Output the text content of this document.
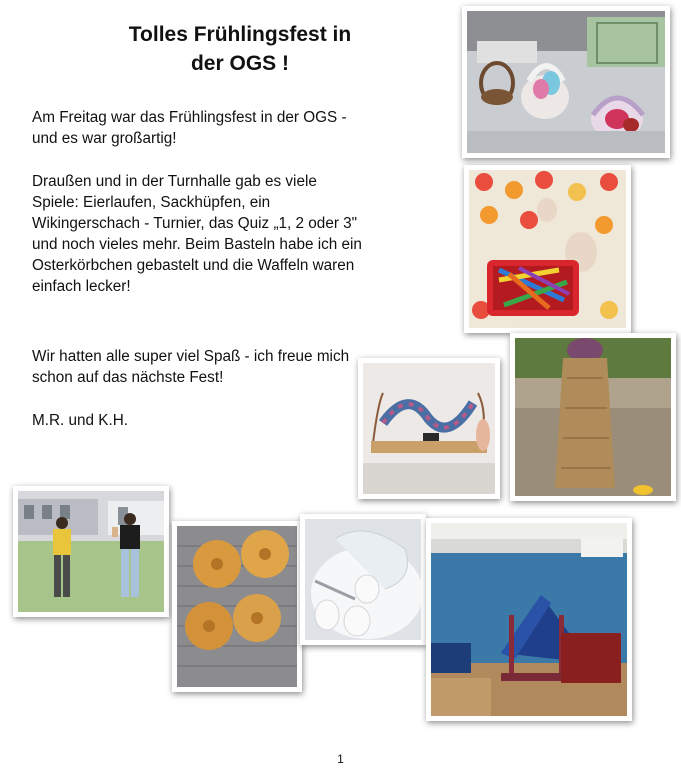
Tolles Frühlingsfest in
der OGS !

Am Freitag war das Frühlingsfest in der OGS - und es war großartig!

Draußen und in der Turnhalle gab es viele Spiele: Eierlaufen, Sackhüpfen, ein Wikingerschach - Turnier, das Quiz „1, 2 oder 3" und noch vieles mehr. Beim Basteln habe ich ein Osterkörbchen gebastelt und die Waffeln waren einfach lecker!

Wir hatten alle super viel Spaß - ich freue mich schon auf das nächste Fest!

M.R. und K.H.

1
